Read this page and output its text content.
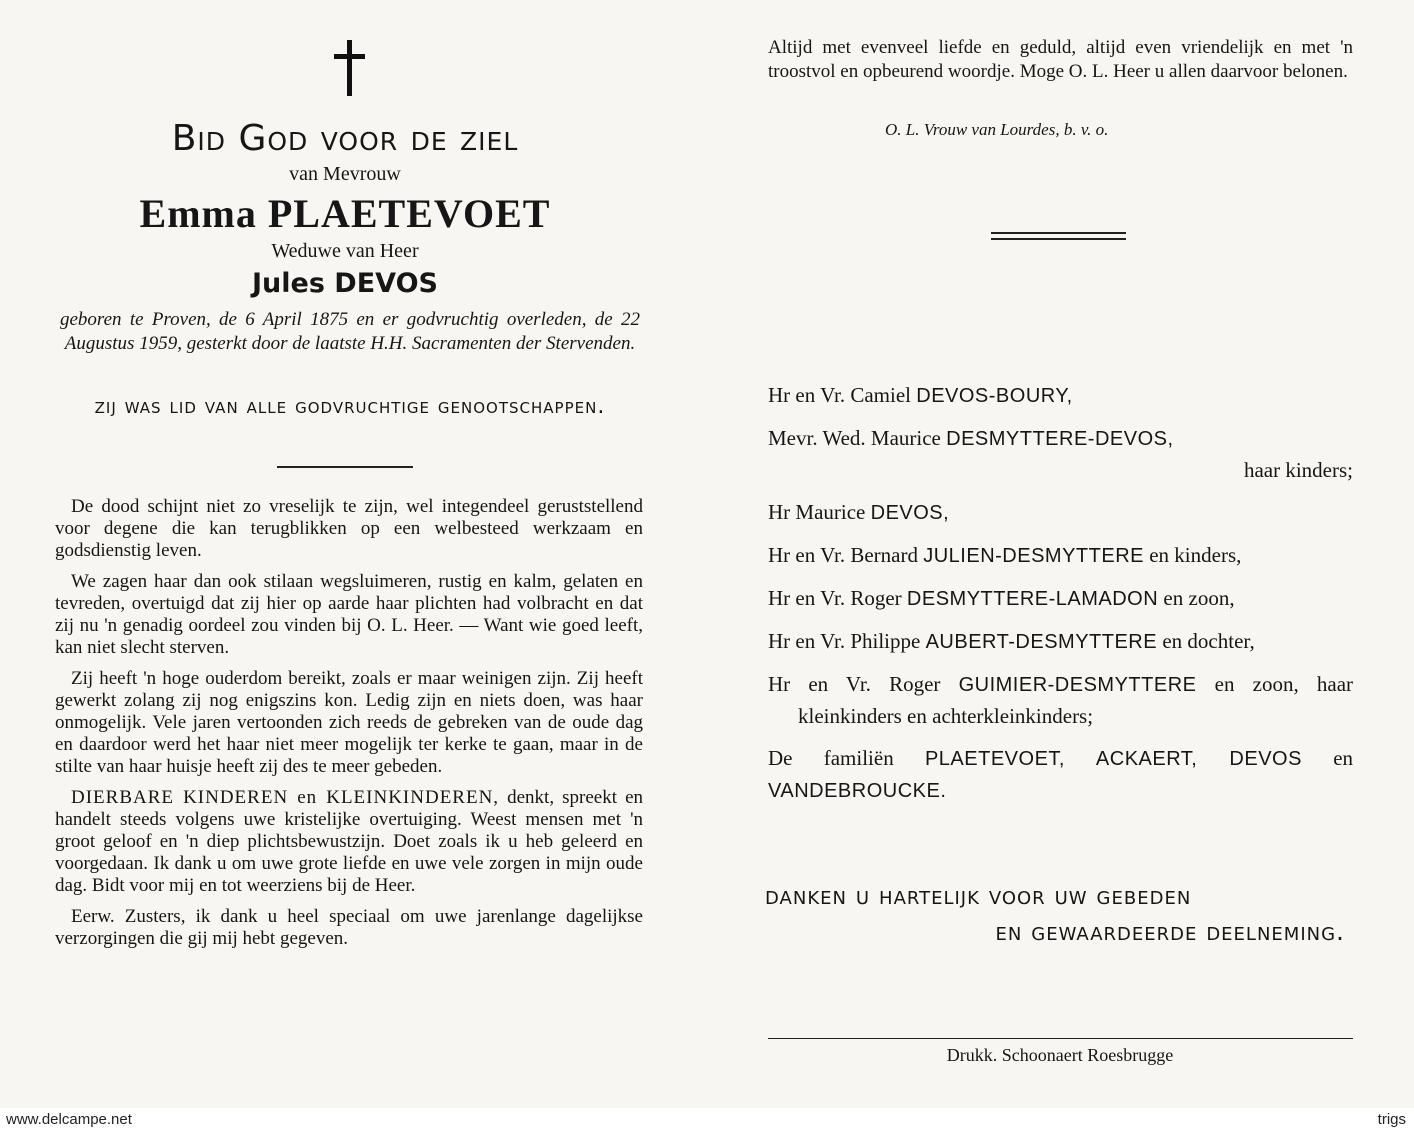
Bid God voor de ziel

van Mevrouw

Emma PLAETEVOET

Weduwe van Heer

Jules DEVOS

geboren te Proven, de 6 April 1875 en er godvruchtig overleden, de 22 Augustus 1959, gesterkt door de laatste H.H. Sacramenten der Stervenden.

zij was lid van alle godvruchtige genootschappen.

De dood schijnt niet zo vreselijk te zijn, wel integendeel geruststellend voor degene die kan terugblikken op een welbesteed werkzaam en godsdienstig leven.

We zagen haar dan ook stilaan wegsluimeren, rustig en kalm, gelaten en tevreden, overtuigd dat zij hier op aarde haar plichten had volbracht en dat zij nu 'n genadig oordeel zou vinden bij O. L. Heer. — Want wie goed leeft, kan niet slecht sterven.

Zij heeft 'n hoge ouderdom bereikt, zoals er maar weinigen zijn. Zij heeft gewerkt zolang zij nog enigszins kon. Ledig zijn en niets doen, was haar onmogelijk. Vele jaren vertoonden zich reeds de gebreken van de oude dag en daardoor werd het haar niet meer mogelijk ter kerke te gaan, maar in de stilte van haar huisje heeft zij des te meer gebeden.

DIERBARE KINDEREN en KLEINKINDEREN, denkt, spreekt en handelt steeds volgens uwe kristelijke overtuiging. Weest mensen met 'n groot geloof en 'n diep plichtsbewustzijn. Doet zoals ik u heb geleerd en voorgedaan. Ik dank u om uwe grote liefde en uwe vele zorgen in mijn oude dag. Bidt voor mij en tot weerziens bij de Heer.

Eerw. Zusters, ik dank u heel speciaal om uwe jarenlange dagelijkse verzorgingen die gij mij hebt gegeven.

Altijd met evenveel liefde en geduld, altijd even vriendelijk en met 'n troostvol en opbeurend woordje. Moge O. L. Heer u allen daarvoor belonen.

O. L. Vrouw van Lourdes, b. v. o.

Hr en Vr. Camiel DEVOS-BOURY,
Mevr. Wed. Maurice DESMYTTERE-DEVOS,
haar kinders;
Hr Maurice DEVOS,
Hr en Vr. Bernard JULIEN-DESMYTTERE en kinders,
Hr en Vr. Roger DESMYTTERE-LAMADON en zoon,
Hr en Vr. Philippe AUBERT-DESMYTTERE en dochter,
Hr en Vr. Roger GUIMIER-DESMYTTERE en zoon, haar kleinkinders en achterkleinkinders;
De familiën PLAETEVOET, ACKAERT, DEVOS en VANDEBROUCKE.

danken u hartelijk voor uw gebeden
en gewaardeerde deelneming.

Drukk. Schoonaert Roesbrugge

www.delcampe.net	trigs
